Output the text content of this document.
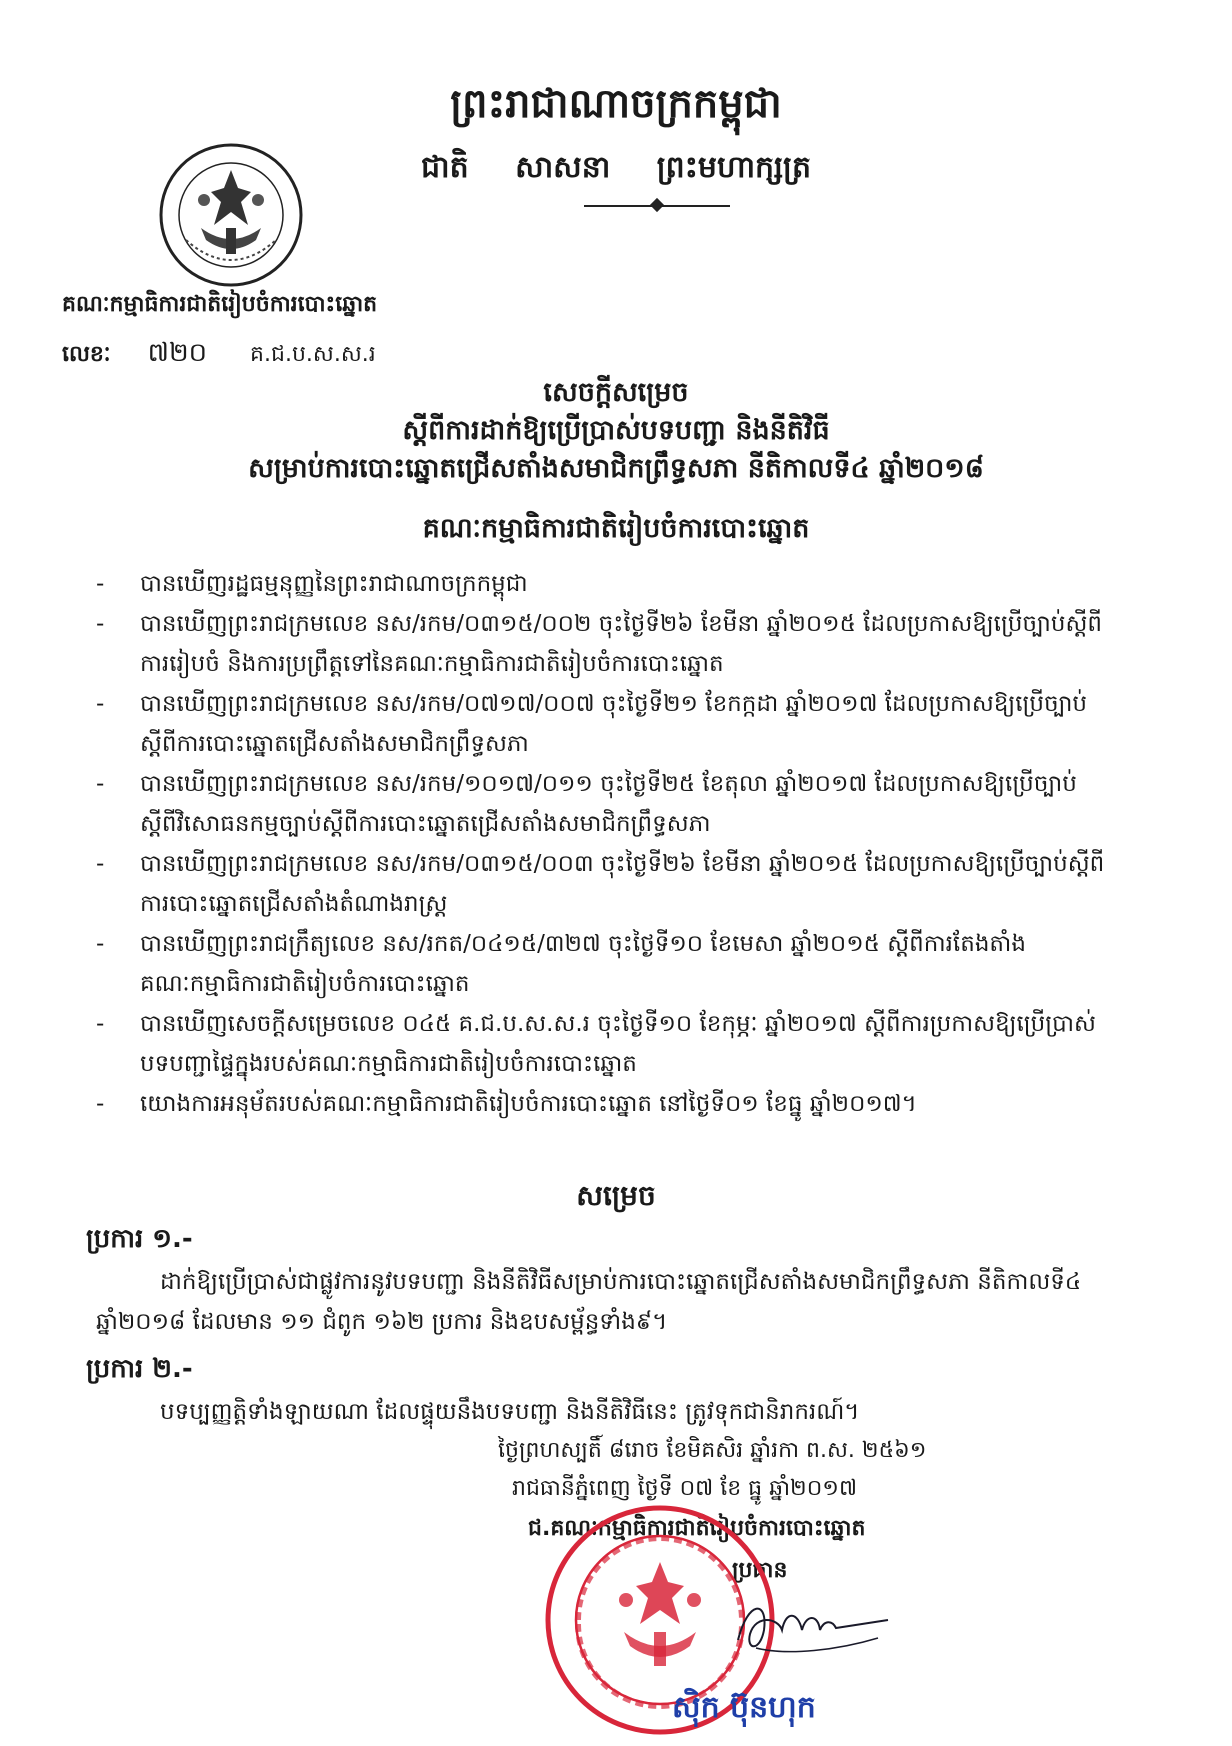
ព្រះរាជាណាចក្រកម្ពុជា
ជាតិ សាសនា ព្រះមហាក្សត្រ
គណៈកម្មាធិការជាតិរៀបចំការបោះឆ្នោត
លេខៈ ៧២០ គ.ជ.ប.ស.ស.រ
សេចក្តីសម្រេច
ស្តីពីការដាក់ឱ្យប្រើប្រាស់បទបញ្ជា និងនីតិវិធី
សម្រាប់ការបោះឆ្នោតជ្រើសតាំងសមាជិកព្រឹទ្ធសភា នីតិកាលទី៤ ឆ្នាំ២០១៨
គណៈកម្មាធិការជាតិរៀបចំការបោះឆ្នោត
- បានឃើញរដ្ឋធម្មនុញ្ញនៃព្រះរាជាណាចក្រកម្ពុជា
- បានឃើញព្រះរាជក្រមលេខ នស/រកម/០៣១៥/០០២ ចុះថ្ងៃទី២៦ ខែមីនា ឆ្នាំ២០១៥ ដែលប្រកាសឱ្យប្រើច្បាប់ស្តីពីការរៀបចំ និងការប្រព្រឹត្តទៅនៃគណៈកម្មាធិការជាតិរៀបចំការបោះឆ្នោត
- បានឃើញព្រះរាជក្រមលេខ នស/រកម/០៧១៧/០០៧ ចុះថ្ងៃទី២១ ខែកក្កដា ឆ្នាំ២០១៧ ដែលប្រកាសឱ្យប្រើច្បាប់ស្តីពីការបោះឆ្នោតជ្រើសតាំងសមាជិកព្រឹទ្ធសភា
- បានឃើញព្រះរាជក្រមលេខ នស/រកម/១០១៧/០១១ ចុះថ្ងៃទី២៥ ខែតុលា ឆ្នាំ២០១៧ ដែលប្រកាសឱ្យប្រើច្បាប់ស្តីពីវិសោធនកម្មច្បាប់ស្តីពីការបោះឆ្នោតជ្រើសតាំងសមាជិកព្រឹទ្ធសភា
- បានឃើញព្រះរាជក្រមលេខ នស/រកម/០៣១៥/០០៣ ចុះថ្ងៃទី២៦ ខែមីនា ឆ្នាំ២០១៥ ដែលប្រកាសឱ្យប្រើច្បាប់ស្តីពីការបោះឆ្នោតជ្រើសតាំងតំណាងរាស្ត្រ
- បានឃើញព្រះរាជក្រឹត្យលេខ នស/រកត/០៤១៥/៣២៧ ចុះថ្ងៃទី១០ ខែមេសា ឆ្នាំ២០១៥ ស្តីពីការតែងតាំងគណៈកម្មាធិការជាតិរៀបចំការបោះឆ្នោត
- បានឃើញសេចក្តីសម្រេចលេខ ០៤៥ គ.ជ.ប.ស.ស.រ ចុះថ្ងៃទី១០ ខែកុម្ភៈ ឆ្នាំ២០១៧ ស្តីពីការប្រកាសឱ្យប្រើប្រាស់បទបញ្ជាផ្ទៃក្នុងរបស់គណៈកម្មាធិការជាតិរៀបចំការបោះឆ្នោត
- យោងការអនុម័តរបស់គណៈកម្មាធិការជាតិរៀបចំការបោះឆ្នោត នៅថ្ងៃទី០១ ខែធ្នូ ឆ្នាំ២០១៧។
សម្រេច
ប្រការ ១.-
ដាក់ឱ្យប្រើប្រាស់ជាផ្លូវការនូវបទបញ្ជា និងនីតិវិធីសម្រាប់ការបោះឆ្នោតជ្រើសតាំងសមាជិកព្រឹទ្ធសភា នីតិកាលទី៤ ឆ្នាំ២០១៨ ដែលមាន ១១ ជំពូក ១៦២ ប្រការ និងឧបសម្ព័ន្ធទាំង៩។
ប្រការ ២.-
បទប្បញ្ញត្តិទាំងឡាយណា ដែលផ្ទុយនឹងបទបញ្ជា និងនីតិវិធីនេះ ត្រូវទុកជានិរាករណ៍។
ថ្ងៃព្រហស្បតិ៍ ៨រោច ខែមិគសិរ ឆ្នាំរកា ព.ស. ២៥៦១
រាជធានីភ្នំពេញ ថ្ងៃទី ០៧ ខែ ធ្នូ ឆ្នាំ២០១៧
ជ.គណៈកម្មាធិការជាតិរៀបចំការបោះឆ្នោត
ប្រធាន
ស៊ិក ប៊ុនហុក
